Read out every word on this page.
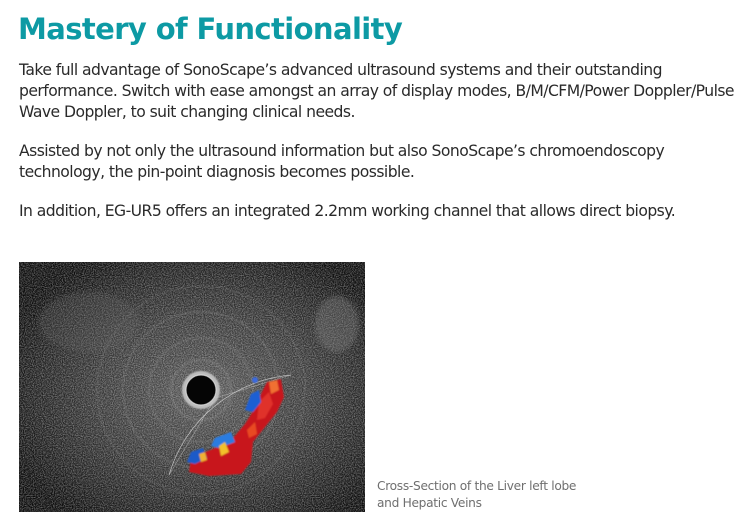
Mastery of Functionality

Take full advantage of SonoScape’s advanced ultrasound systems and their outstanding performance. Switch with ease amongst an array of display modes, B/M/CFM/Power Doppler/Pulse Wave Doppler, to suit changing clinical needs.

Assisted by not only the ultrasound information but also SonoScape’s chromoendoscopy technology, the pin-point diagnosis becomes possible.

In addition, EG-UR5 offers an integrated 2.2mm working channel that allows direct biopsy.

Cross-Section of the Liver left lobe
and Hepatic Veins
